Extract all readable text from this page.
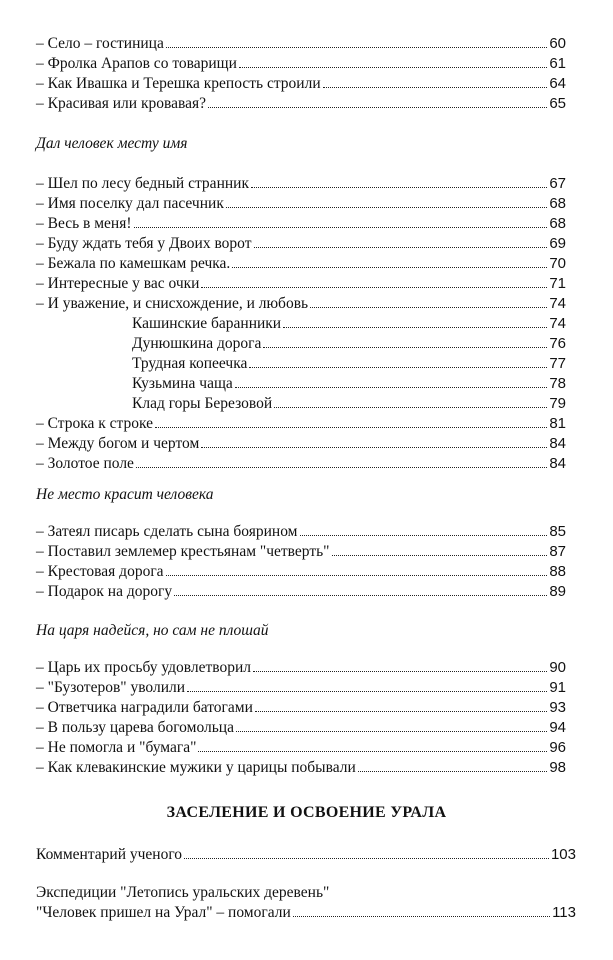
– Село – гостиница	60
– Фролка Арапов со товарищи	61
– Как Ивашка и Терешка крепость строили	64
– Красивая или кровавая?	65
Дал человек месту имя
– Шел по лесу бедный странник	67
– Имя поселку дал пасечник	68
– Весь в меня!	68
– Буду ждать тебя у Двоих ворот	69
– Бежала по камешкам речка.	70
– Интересные у вас очки	71
– И уважение, и снисхождение, и любовь	74
Кашинские баранники	74
Дунюшкина дорога	76
Трудная копеечка	77
Кузьмина чаща	78
Клад горы Березовой	79
– Строка к строке	81
– Между богом и чертом	84
– Золотое поле	84
Не место красит человека
– Затеял писарь сделать сына боярином	85
– Поставил землемер крестьянам "четверть"	87
– Крестовая дорога	88
– Подарок на дорогу	89
На царя надейся, но сам не плошай
– Царь их просьбу удовлетворил	90
– "Бузотеров" уволили	91
– Ответчика наградили батогами	93
– В пользу царева богомольца	94
– Не помогла и "бумага"	96
– Как клевакинские мужики у царицы побывали	98
ЗАСЕЛЕНИЕ И ОСВОЕНИЕ УРАЛА
Комментарий ученого	103
Экспедиции "Летопись уральских деревень"
"Человек пришел на Урал" – помогали	113
